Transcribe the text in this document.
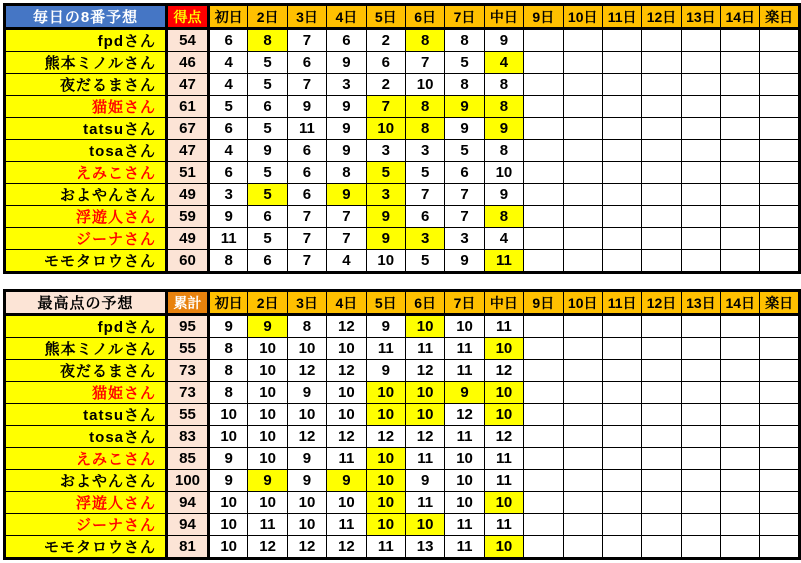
毎日の8番予想	得点	初日	2日	3日	4日	5日	6日	7日	中日	9日	10日	11日	12日	13日	14日	楽日
fpdさん	54	6	8	7	6	2	8	8	9							
熊本ミノルさん	46	4	5	6	9	6	7	5	4							
夜だるまさん	47	4	5	7	3	2	10	8	8							
猫姫さん	61	5	6	9	9	7	8	9	8							
tatsuさん	67	6	5	11	9	10	8	9	9							
tosaさん	47	4	9	6	9	3	3	5	8							
えみこさん	51	6	5	6	8	5	5	6	10							
およやんさん	49	3	5	6	9	3	7	7	9							
浮遊人さん	59	9	6	7	7	9	6	7	8							
ジーナさん	49	11	5	7	7	9	3	3	4							
モモタロウさん	60	8	6	7	4	10	5	9	11							
最高点の予想	累計	初日	2日	3日	4日	5日	6日	7日	中日	9日	10日	11日	12日	13日	14日	楽日
fpdさん	95	9	9	8	12	9	10	10	11							
熊本ミノルさん	55	8	10	10	10	11	11	11	10							
夜だるまさん	73	8	10	12	12	9	12	11	12							
猫姫さん	73	8	10	9	10	10	10	9	10							
tatsuさん	55	10	10	10	10	10	10	12	10							
tosaさん	83	10	10	12	12	12	12	11	12							
えみこさん	85	9	10	9	11	10	11	10	11							
およやんさん	100	9	9	9	9	10	9	10	11							
浮遊人さん	94	10	10	10	10	10	11	10	10							
ジーナさん	94	10	11	10	11	10	10	11	11							
モモタロウさん	81	10	12	12	12	11	13	11	10							
